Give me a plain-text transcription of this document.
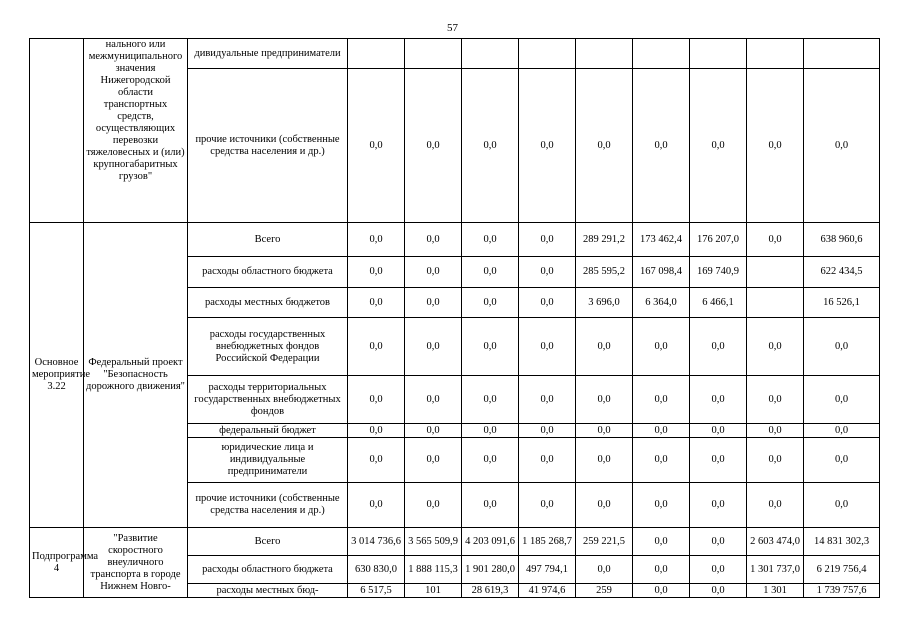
57
	нального или межмуниципального значения Нижегородской области транспортных средств, осуществляющих перевозки тяжеловесных и (или) крупногабаритных грузов"	дивидуальные предприниматели									
		прочие источники (собственные средства населения и др.)	0,0	0,0	0,0	0,0	0,0	0,0	0,0	0,0	0,0
Основное мероприятие 3.22	Федеральный проект "Безопасность дорожного движения"	Всего	0,0	0,0	0,0	0,0	289 291,2	173 462,4	176 207,0	0,0	638 960,6
		расходы областного бюджета	0,0	0,0	0,0	0,0	285 595,2	167 098,4	169 740,9		622 434,5
		расходы местных бюджетов	0,0	0,0	0,0	0,0	3 696,0	6 364,0	6 466,1		16 526,1
		расходы государственных внебюджетных фондов Российской Федерации	0,0	0,0	0,0	0,0	0,0	0,0	0,0	0,0	0,0
		расходы территориальных государственных внебюджетных фондов	0,0	0,0	0,0	0,0	0,0	0,0	0,0	0,0	0,0
		федеральный бюджет	0,0	0,0	0,0	0,0	0,0	0,0	0,0	0,0	0,0
		юридические лица и индивидуальные предприниматели	0,0	0,0	0,0	0,0	0,0	0,0	0,0	0,0	0,0
		прочие источники (собственные средства населения и др.)	0,0	0,0	0,0	0,0	0,0	0,0	0,0	0,0	0,0
Подпрограмма 4	"Развитие скоростного внеуличного транспорта в городе Нижнем Новго-	Всего	3 014 736,6	3 565 509,9	4 203 091,6	1 185 268,7	259 221,5	0,0	0,0	2 603 474,0	14 831 302,3
		расходы областного бюджета	630 830,0	1 888 115,3	1 901 280,0	497 794,1	0,0	0,0	0,0	1 301 737,0	6 219 756,4
		расходы местных бюд-	6 517,5	101	28 619,3	41 974,6	259	0,0	0,0	1 301	1 739 757,6
